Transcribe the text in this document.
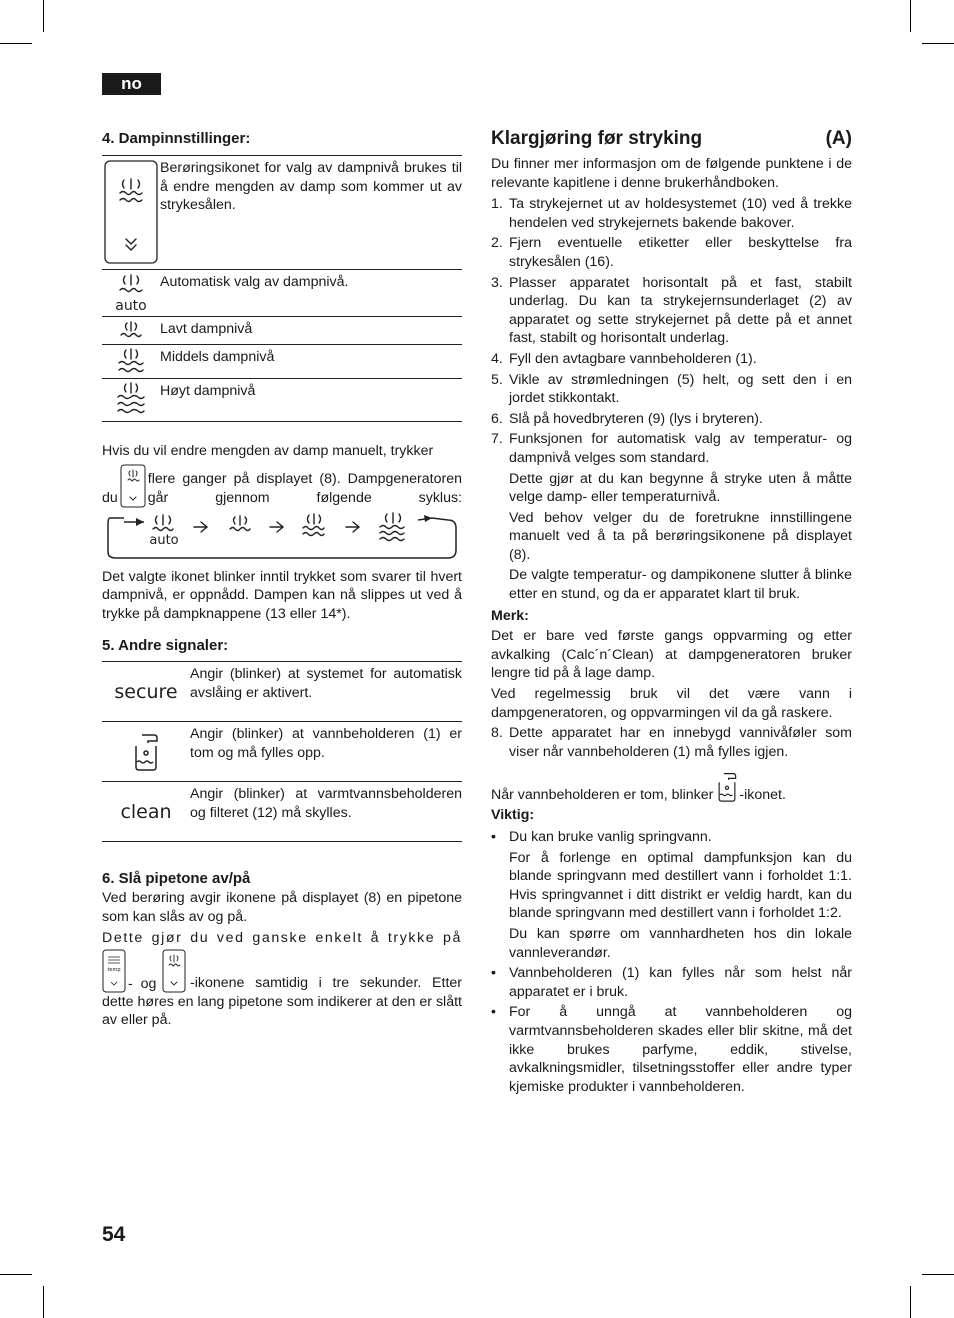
no
4. Dampinnstillinger:

Berøringsikonet for valg av dampnivå brukes til å endre mengden av damp som kommer ut av strykesålen.

auto

Automatisk valg av dampnivå.

Lavt dampnivå

Middels dampnivå

Høyt dampnivå

Hvis du vil endre mengden av damp manuelt, trykker

du
flere ganger på displayet (8). Dampgeneratoren går gjennom følgende syklus:

auto

Det valgte ikonet blinker inntil trykket som svarer til hvert dampnivå, er oppnådd. Dampen kan nå slippes ut ved å trykke på dampknappene (13 eller 14*).

5. Andre signaler:
secure

Angir (blinker) at systemet for automatisk avslåing er aktivert.

Angir (blinker) at vannbeholderen (1) er tom og må fylles opp.

clean

Angir (blinker) at varmtvannsbeholderen og filteret (12) må skylles.

6. Slå pipetone av/på

Ved berøring avgir ikonene på displayet (8) en pipetone som kan slås av og på.

Dette gjør du ved ganske enkelt å trykke på

temp
- og	-ikonene samtidig i tre sekunder. Etter dette høres en lang pipetone som indikerer at den er slått av eller på.

Klargjøring før stryking	(A)

Du finner mer informasjon om de følgende punktene i de relevante kapitlene i denne brukerhåndboken.

1. Ta strykejernet ut av holdesystemet (10) ved å trekke hendelen ved strykejernets bakende bakover.
2. Fjern eventuelle etiketter eller beskyttelse fra strykesålen (16).
3. Plasser apparatet horisontalt på et fast, stabilt underlag. Du kan ta strykejernsunderlaget (2) av apparatet og sette strykejernet på dette på et annet fast, stabilt og horisontalt underlag.
4. Fyll den avtagbare vannbeholderen (1).
5. Vikle av strømledningen (5) helt, og sett den i en jordet stikkontakt.
6. Slå på hovedbryteren (9) (lys i bryteren).
7. Funksjonen for automatisk valg av temperatur- og dampnivå velges som standard.

Dette gjør at du kan begynne å stryke uten å måtte velge damp- eller temperaturnivå.

Ved behov velger du de foretrukne innstillingene manuelt ved å ta på berøringsikonene på displayet (8).

De valgte temperatur- og dampikonene slutter å blinke etter en stund, og da er apparatet klart til bruk.

Merk:

Det er bare ved første gangs oppvarming og etter avkalking (Calc´n´Clean) at dampgeneratoren bruker lengre tid på å lage damp.

Ved regelmessig bruk vil det være vann i dampgeneratoren, og oppvarmingen vil da gå raskere.

8. Dette apparatet har en innebygd vannivåføler som viser når vannbeholderen (1) må fylles igjen.
Når vannbeholderen er tom, blinker -ikonet.

Viktig:

• Du kan bruke vanlig springvann.

For å forlenge en optimal dampfunksjon kan du blande springvann med destillert vann i forholdet 1:1. Hvis springvannet i ditt distrikt er veldig hardt, kan du blande springvann med destillert vann i forholdet 1:2.

Du kan spørre om vannhardheten hos din lokale vannleverandør.

• Vannbeholderen (1) kan fylles når som helst når apparatet er i bruk.
• For å unngå at vannbeholderen og varmtvannsbeholderen skades eller blir skitne, må det ikke brukes parfyme, eddik, stivelse, avkalkningsmidler, tilsetningsstoffer eller andre typer kjemiske produkter i vannbeholderen.
54
